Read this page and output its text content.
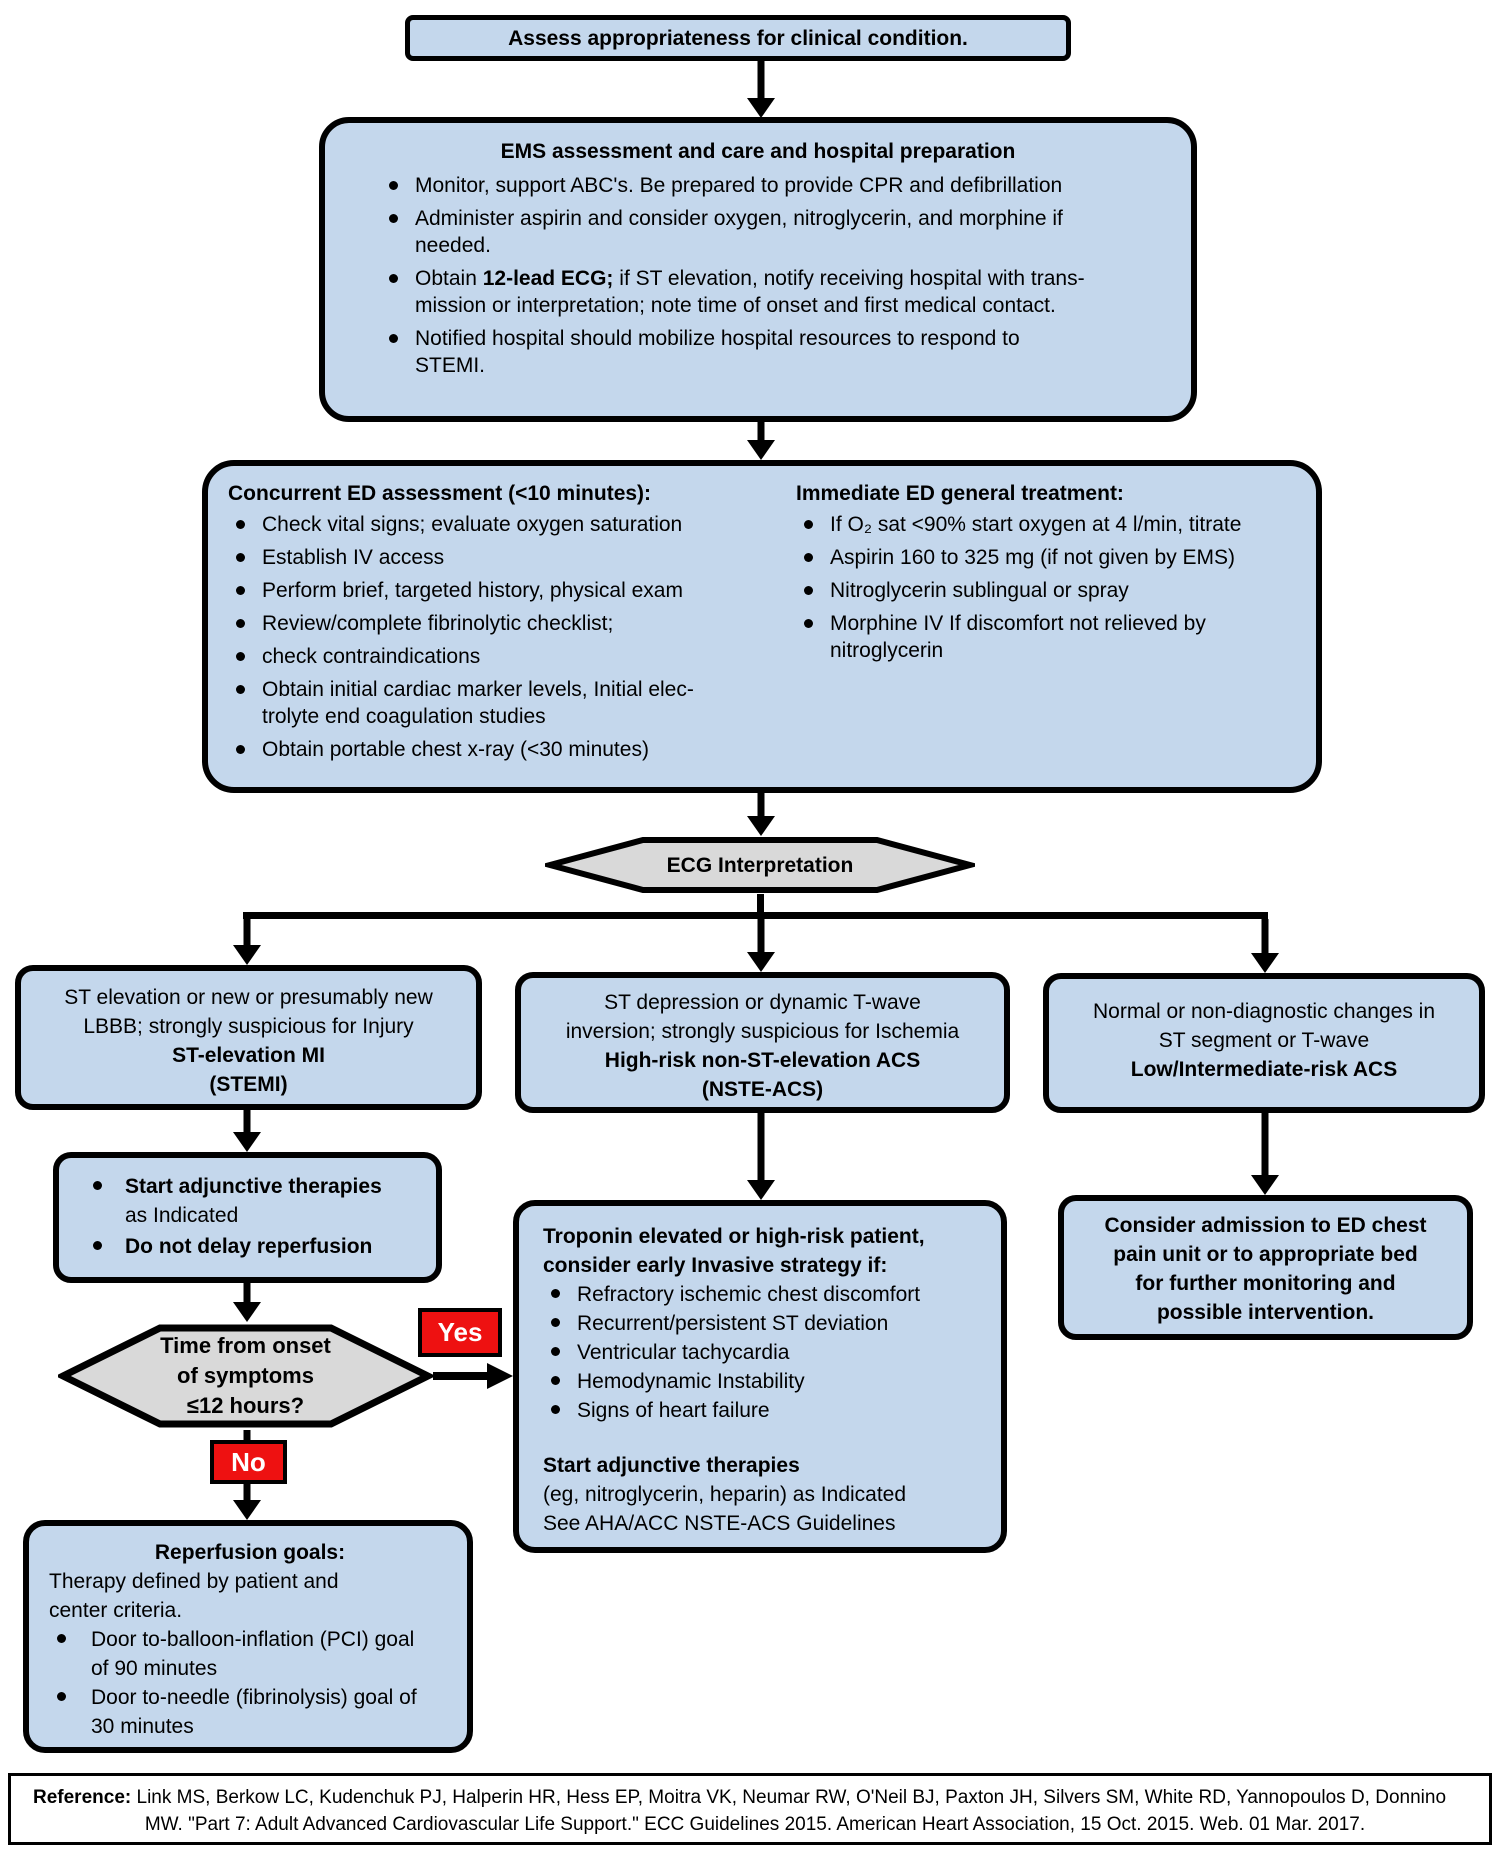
Assess appropriateness for clinical condition.
EMS assessment and care and hospital preparation
Monitor, support ABC's. Be prepared to provide CPR and defibrillation
Administer aspirin and consider oxygen, nitroglycerin, and morphine if
needed.
Obtain 12-lead ECG; if ST elevation, notify receiving hospital with trans-
mission or interpretation; note time of onset and first medical contact.
Notified hospital should mobilize hospital resources to respond to
STEMI.
Concurrent ED assessment (<10 minutes):
Check vital signs; evaluate oxygen saturation
Establish IV access
Perform brief, targeted history, physical exam
Review/complete fibrinolytic checklist;
check contraindications
Obtain initial cardiac marker levels, Initial elec-
trolyte end coagulation studies
Obtain portable chest x-ray (<30 minutes)
Immediate ED general treatment:
If O₂ sat <90% start oxygen at 4 l/min, titrate
Aspirin 160 to 325 mg (if not given by EMS)
Nitroglycerin sublingual or spray
Morphine IV If discomfort not relieved by
nitroglycerin
ECG Interpretation
ST elevation or new or presumably new
LBBB; strongly suspicious for Injury
ST-elevation MI
(STEMI)
ST depression or dynamic T-wave
inversion; strongly suspicious for Ischemia
High-risk non-ST-elevation ACS
(NSTE-ACS)
Normal or non-diagnostic changes in
ST segment or T-wave
Low/Intermediate-risk ACS
Start adjunctive therapies
as Indicated
Do not delay reperfusion
Time from onset
of symptoms
≤12 hours?
Yes
No
Troponin elevated or high-risk patient,
consider early Invasive strategy if:
Refractory ischemic chest discomfort
Recurrent/persistent ST deviation
Ventricular tachycardia
Hemodynamic Instability
Signs of heart failure
Start adjunctive therapies
(eg, nitroglycerin, heparin) as Indicated
See AHA/ACC NSTE-ACS Guidelines
Consider admission to ED chest
pain unit or to appropriate bed
for further monitoring and
possible intervention.
Reperfusion goals:
Therapy defined by patient and
center criteria.
Door to-balloon-inflation (PCI) goal
of 90 minutes
Door to-needle (fibrinolysis) goal of
30 minutes
Reference: Link MS, Berkow LC, Kudenchuk PJ, Halperin HR, Hess EP, Moitra VK, Neumar RW, O'Neil BJ, Paxton JH, Silvers SM, White RD, Yannopoulos D, Donnino
MW. "Part 7: Adult Advanced Cardiovascular Life Support." ECC Guidelines 2015. American Heart Association, 15 Oct. 2015. Web. 01 Mar. 2017.
